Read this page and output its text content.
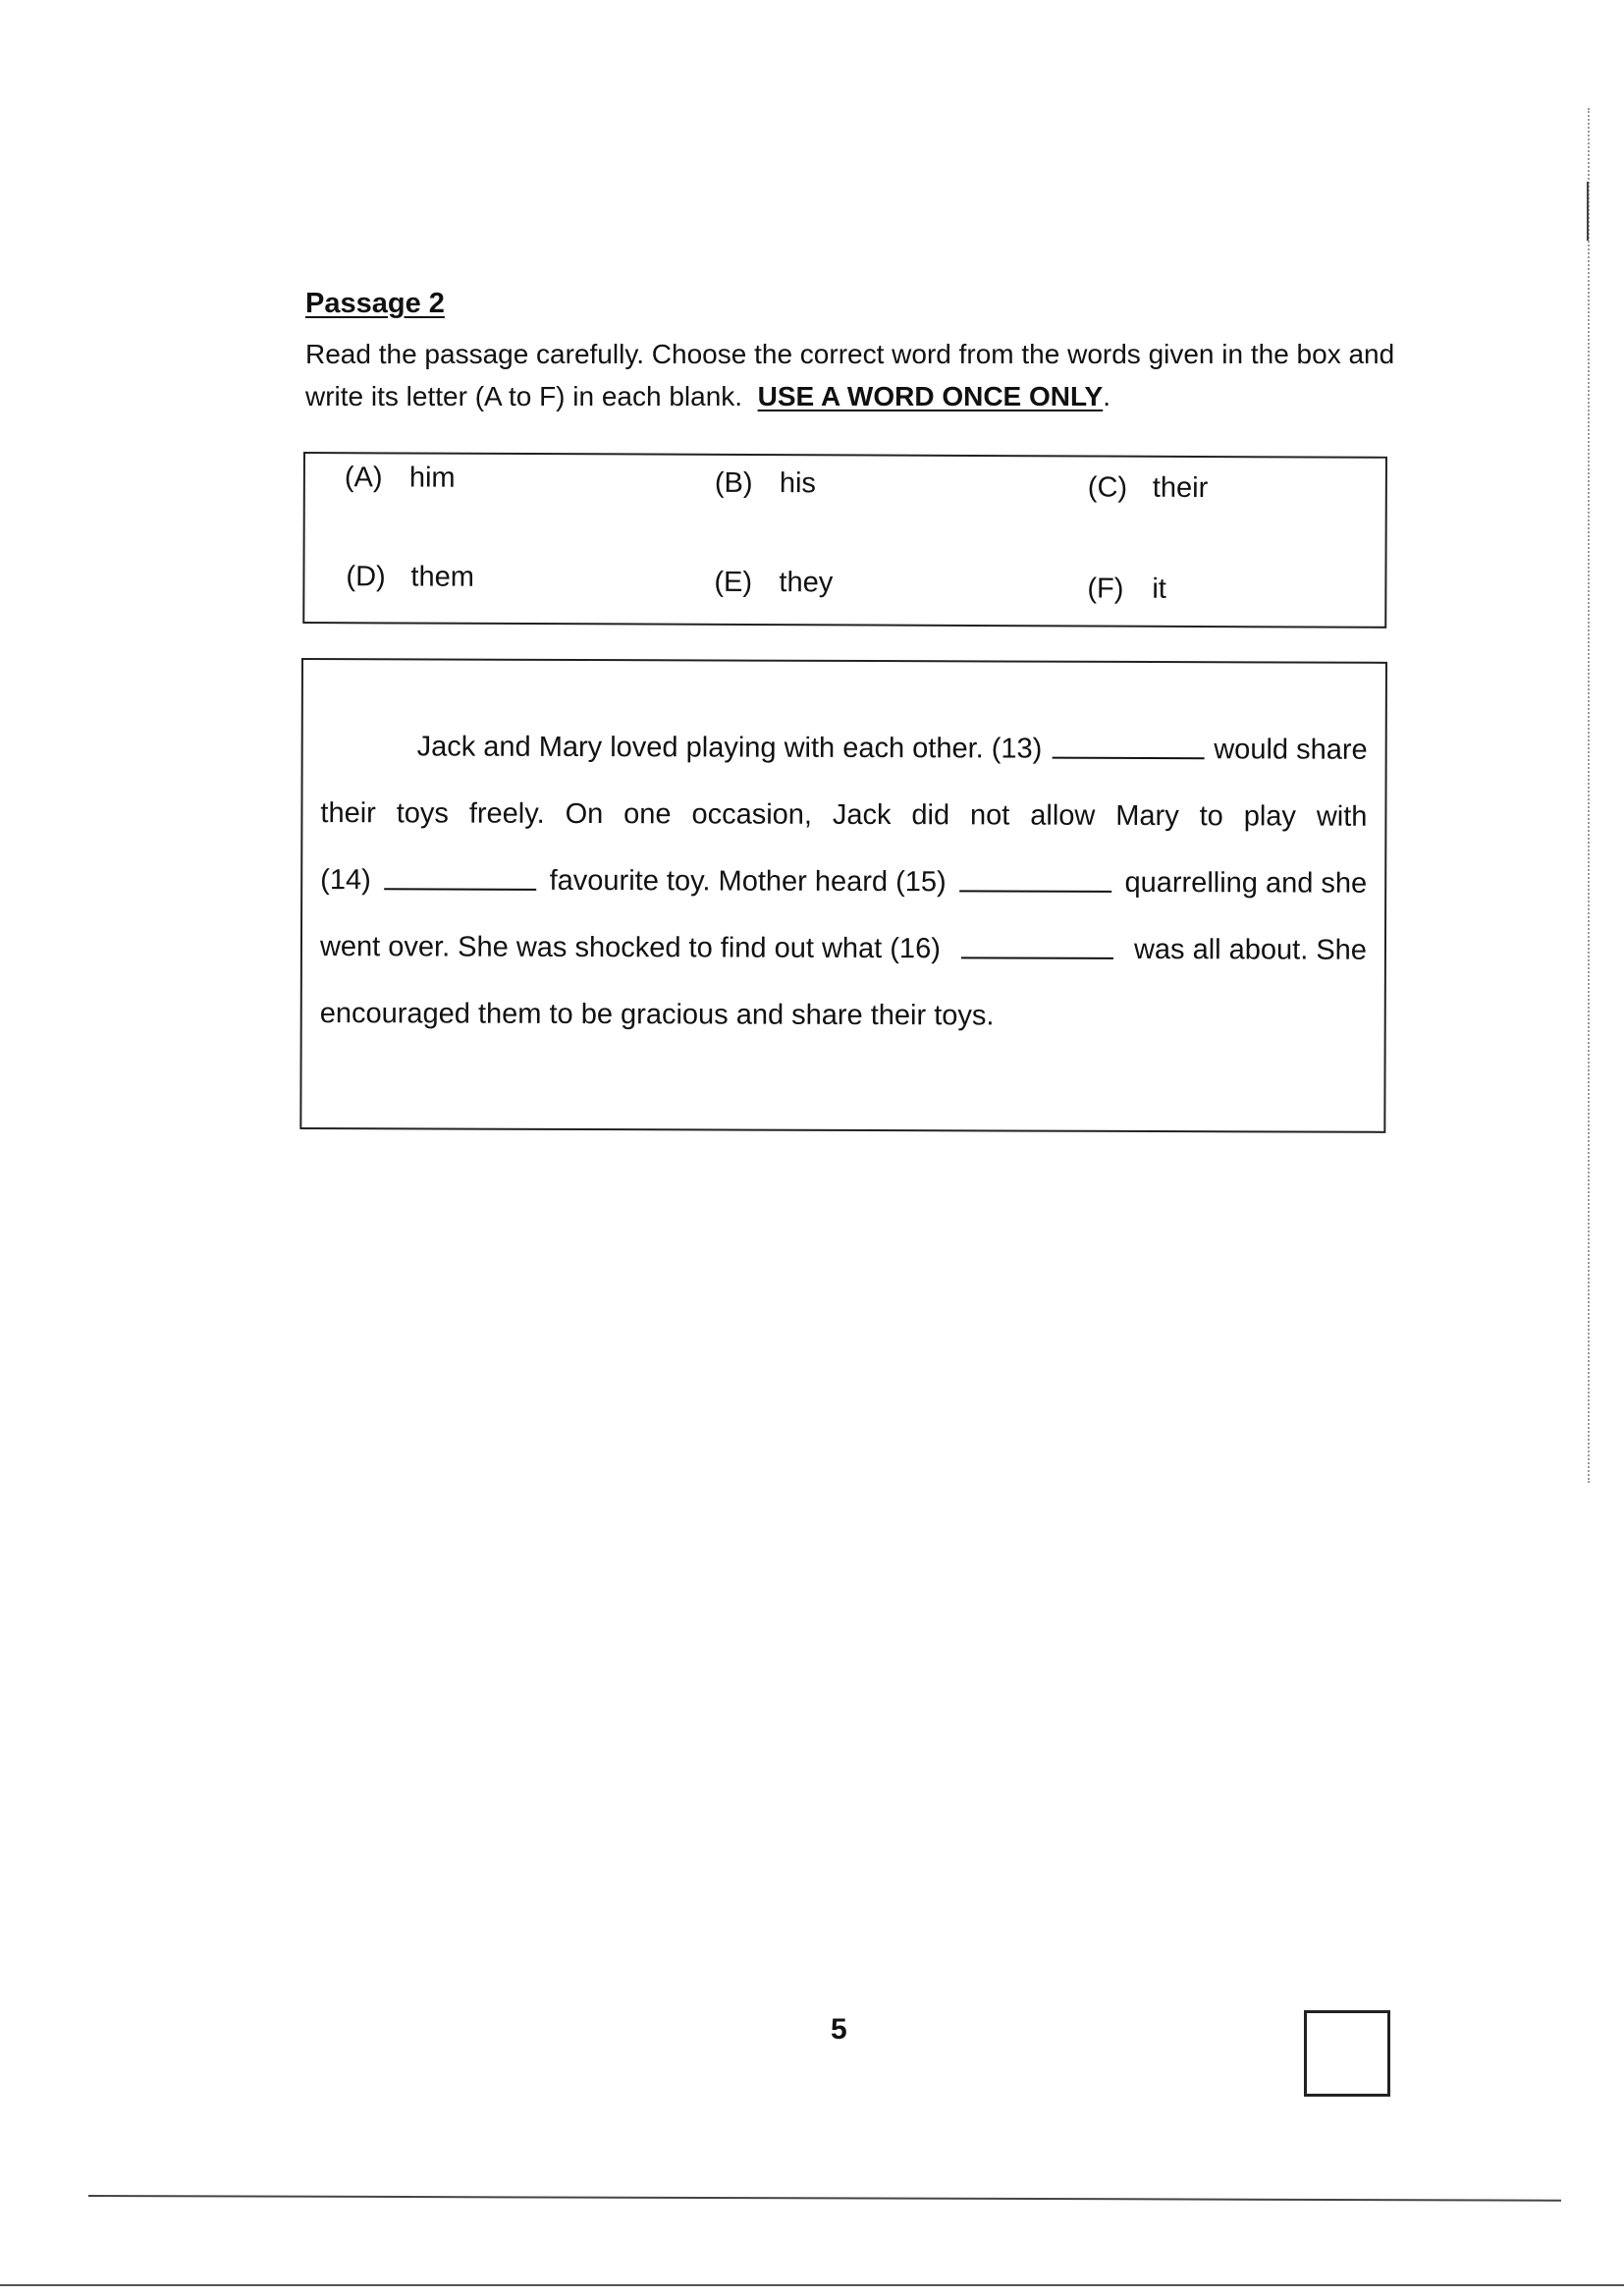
Passage 2
Read the passage carefully. Choose the correct word from the words given in the box and write its letter (A to F) in each blank. USE A WORD ONCE ONLY.
(A) him	(B) his	(C) their
(D) them	(E) they	(F) it
Jack and Mary loved playing with each other. (13)	would share
their toys freely. On one occasion, Jack did not allow Mary to play with
(14)	favourite toy. Mother heard (15)	quarrelling and she
went over. She was shocked to find out what (16)	was all about. She
encouraged them to be gracious and share their toys.
5
